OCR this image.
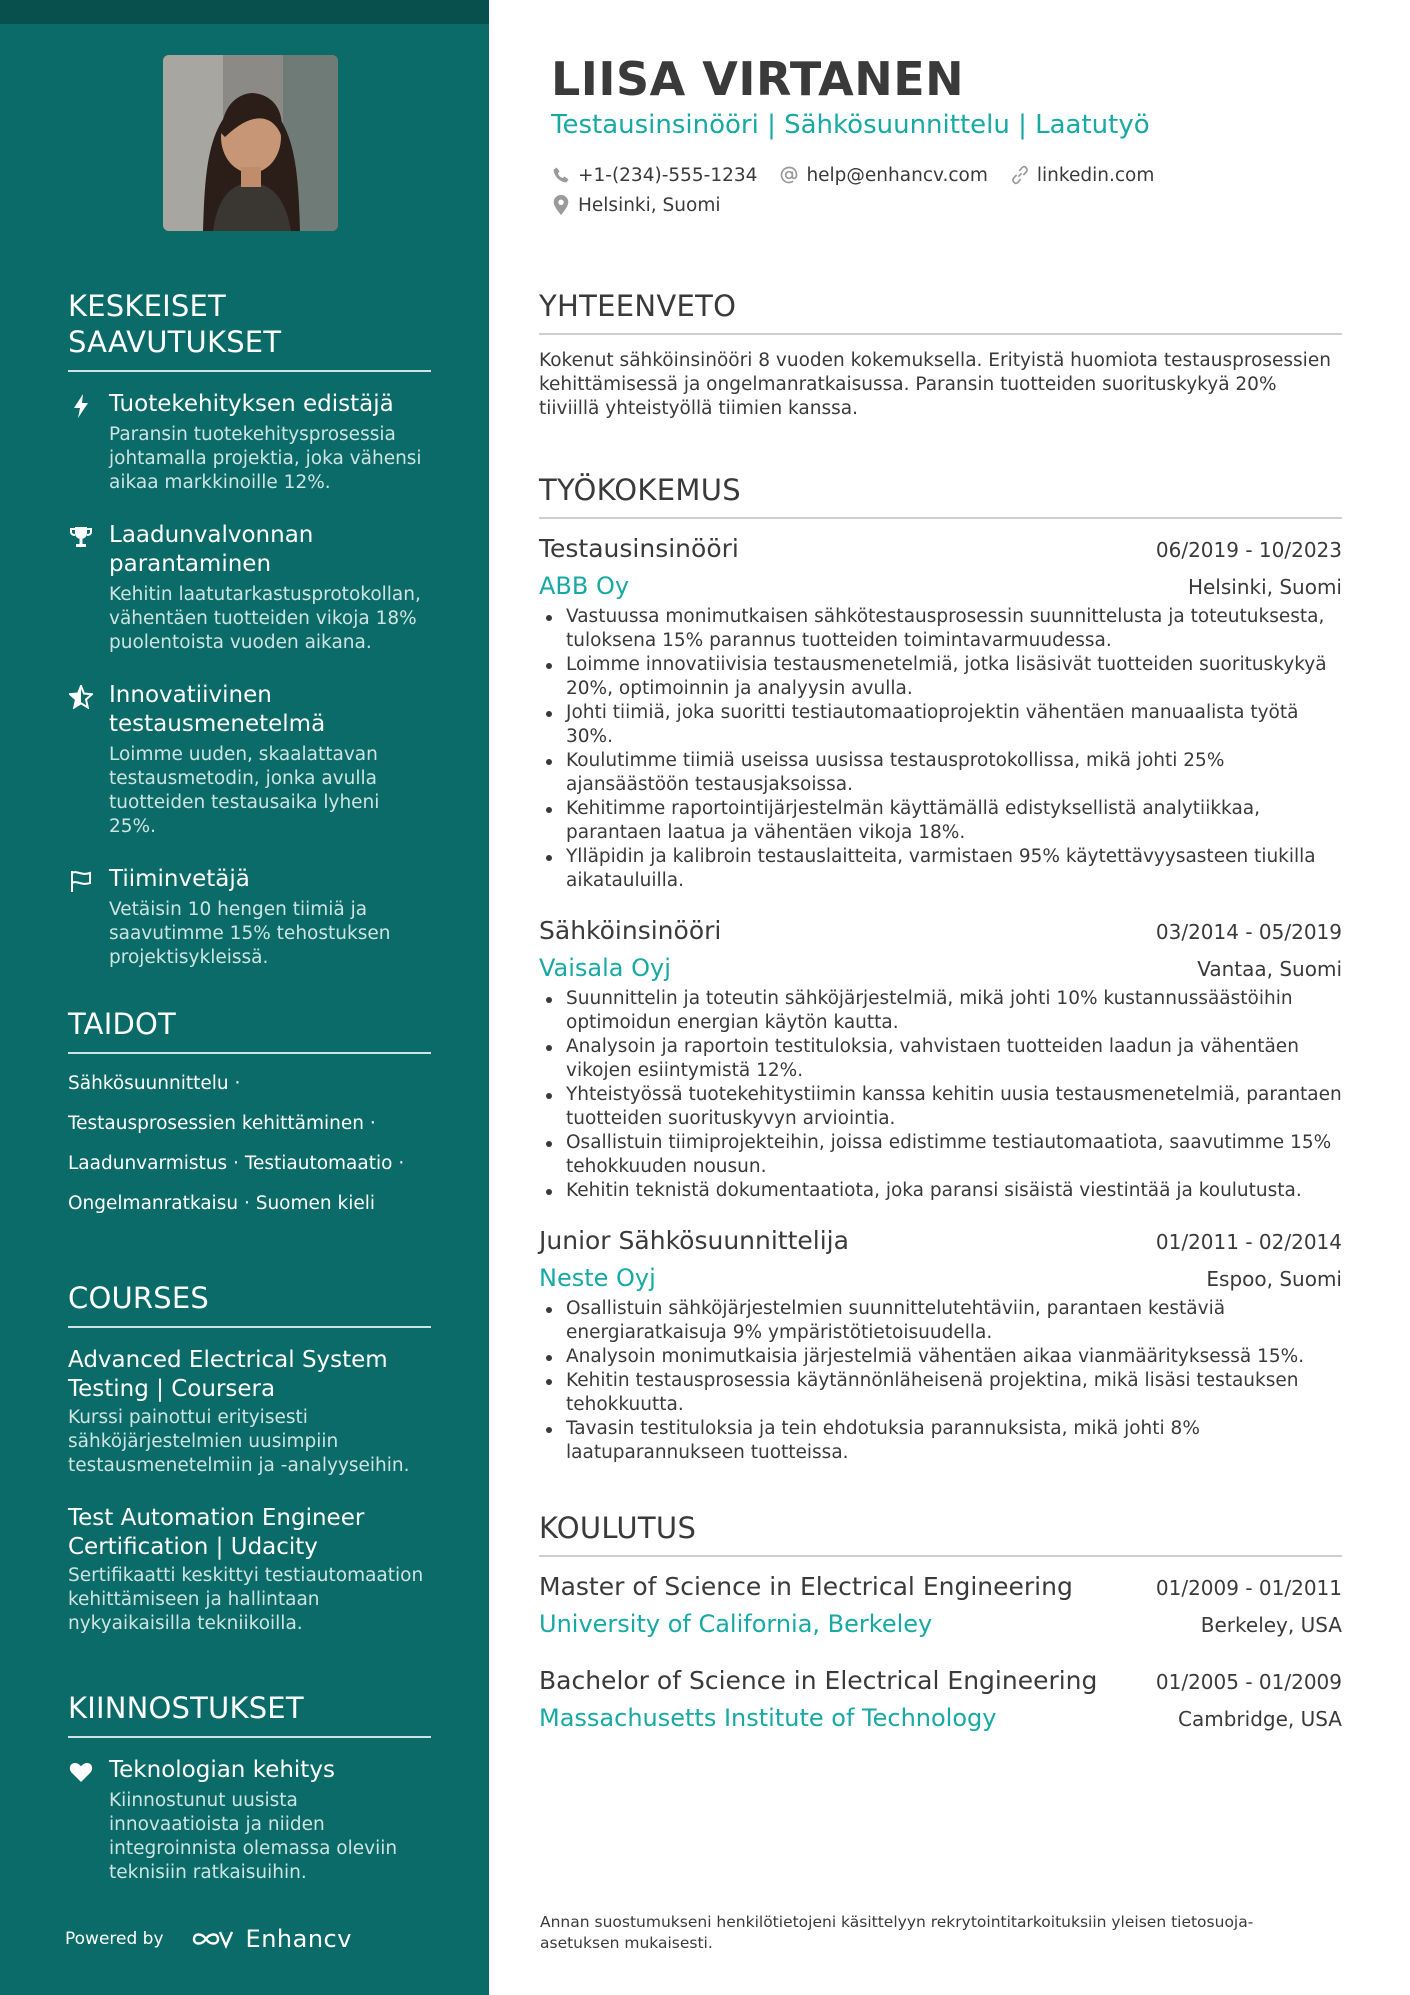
KESKEISET SAAVUTUKSET
Tuotekehityksen edistäjä
Paransin tuotekehitysprosessia johtamalla projektia, joka vähensi aikaa markkinoille 12%.
Laadunvalvonnan parantaminen
Kehitin laatutarkastusprotokollan, vähentäen tuotteiden vikoja 18% puolentoista vuoden aikana.
Innovatiivinen testausmenetelmä
Loimme uuden, skaalattavan testausmetodin, jonka avulla tuotteiden testausaika lyheni 25%.
Tiiminvetäjä
Vetäisin 10 hengen tiimiä ja saavutimme 15% tehostuksen projektisykleissä.
TAIDOT
Sähkösuunnittelu ·
Testausprosessien kehittäminen ·
Laadunvarmistus · Testiautomaatio ·
Ongelmanratkaisu · Suomen kieli
COURSES
Advanced Electrical System Testing | Coursera
Kurssi painottui erityisesti sähköjärjestelmien uusimpiin testausmenetelmiin ja -analyyseihin.
Test Automation Engineer Certification | Udacity
Sertifikaatti keskittyi testiautomaation kehittämiseen ja hallintaan nykyaikaisilla tekniikoilla.
KIINNOSTUKSET
Teknologian kehitys
Kiinnostunut uusista innovaatioista ja niiden integroinnista olemassa oleviin teknisiin ratkaisuihin.
Powered by	Enhancv
LIISA VIRTANEN
Testausinsinööri | Sähkösuunnittelu | Laatutyö
+1-(234)-555-1234	help@enhancv.com	linkedin.com
Helsinki, Suomi
YHTEENVETO
Kokenut sähköinsinööri 8 vuoden kokemuksella. Erityistä huomiota testausprosessien kehittämisessä ja ongelmanratkaisussa. Paransin tuotteiden suorituskykyä 20% tiiviillä yhteistyöllä tiimien kanssa.
TYÖKOKEMUS
Testausinsinööri	06/2019 - 10/2023
ABB Oy	Helsinki, Suomi
Vastuussa monimutkaisen sähkötestausprosessin suunnittelusta ja toteutuksesta, tuloksena 15% parannus tuotteiden toimintavarmuudessa.
Loimme innovatiivisia testausmenetelmiä, jotka lisäsivät tuotteiden suorituskykyä 20%, optimoinnin ja analyysin avulla.
Johti tiimiä, joka suoritti testiautomaatioprojektin vähentäen manuaalista työtä 30%.
Koulutimme tiimiä useissa uusissa testausprotokollissa, mikä johti 25% ajansäästöön testausjaksoissa.
Kehitimme raportointijärjestelmän käyttämällä edistyksellistä analytiikkaa, parantaen laatua ja vähentäen vikoja 18%.
Ylläpidin ja kalibroin testauslaitteita, varmistaen 95% käytettävyysasteen tiukilla aikatauluilla.
Sähköinsinööri	03/2014 - 05/2019
Vaisala Oyj	Vantaa, Suomi
Suunnittelin ja toteutin sähköjärjestelmiä, mikä johti 10% kustannussäästöihin optimoidun energian käytön kautta.
Analysoin ja raportoin testituloksia, vahvistaen tuotteiden laadun ja vähentäen vikojen esiintymistä 12%.
Yhteistyössä tuotekehitystiimin kanssa kehitin uusia testausmenetelmiä, parantaen tuotteiden suorituskyvyn arviointia.
Osallistuin tiimiprojekteihin, joissa edistimme testiautomaatiota, saavutimme 15% tehokkuuden nousun.
Kehitin teknistä dokumentaatiota, joka paransi sisäistä viestintää ja koulutusta.
Junior Sähkösuunnittelija	01/2011 - 02/2014
Neste Oyj	Espoo, Suomi
Osallistuin sähköjärjestelmien suunnittelutehtäviin, parantaen kestäviä energiaratkaisuja 9% ympäristötietoisuudella.
Analysoin monimutkaisia järjestelmiä vähentäen aikaa vianmäärityksessä 15%.
Kehitin testausprosessia käytännönläheisenä projektina, mikä lisäsi testauksen tehokkuutta.
Tavasin testituloksia ja tein ehdotuksia parannuksista, mikä johti 8% laatuparannukseen tuotteissa.
KOULUTUS
Master of Science in Electrical Engineering	01/2009 - 01/2011
University of California, Berkeley	Berkeley, USA
Bachelor of Science in Electrical Engineering	01/2005 - 01/2009
Massachusetts Institute of Technology	Cambridge, USA
Annan suostumukseni henkilötietojeni käsittelyyn rekrytointitarkoituksiin yleisen tietosuoja-asetuksen mukaisesti.
